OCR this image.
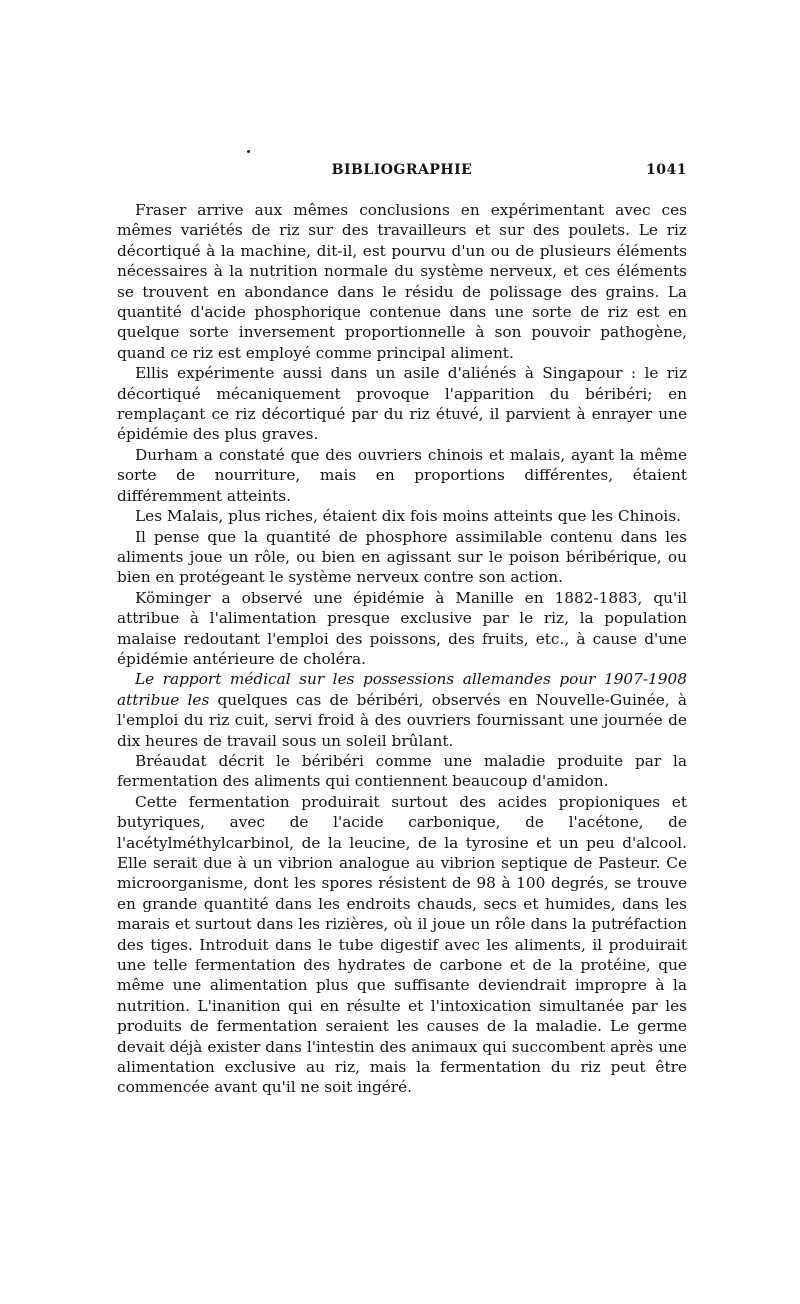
BIBLIOGRAPHIE	1041

Fraser arrive aux mêmes conclusions en expérimentant avec ces mêmes variétés de riz sur des travailleurs et sur des poulets. Le riz décortiqué à la machine, dit-il, est pourvu d'un ou de plusieurs éléments nécessaires à la nutrition normale du système nerveux, et ces éléments se trouvent en abondance dans le résidu de polissage des grains. La quantité d'acide phosphorique contenue dans une sorte de riz est en quelque sorte inversement proportionnelle à son pouvoir pathogène, quand ce riz est employé comme principal aliment.

Ellis expérimente aussi dans un asile d'aliénés à Singapour : le riz décortiqué mécaniquement provoque l'apparition du béribéri; en remplaçant ce riz décortiqué par du riz étuvé, il parvient à enrayer une épidémie des plus graves.

Durham a constaté que des ouvriers chinois et malais, ayant la même sorte de nourriture, mais en proportions différentes, étaient différemment atteints.

Les Malais, plus riches, étaient dix fois moins atteints que les Chinois.

Il pense que la quantité de phosphore assimilable contenu dans les aliments joue un rôle, ou bien en agissant sur le poison béribérique, ou bien en protégeant le système nerveux contre son action.

Köminger a observé une épidémie à Manille en 1882-1883, qu'il attribue à l'alimentation presque exclusive par le riz, la population malaise redoutant l'emploi des poissons, des fruits, etc., à cause d'une épidémie antérieure de choléra.

Le rapport médical sur les possessions allemandes pour 1907-1908 attribue les quelques cas de béribéri, observés en Nouvelle-Guinée, à l'emploi du riz cuit, servi froid à des ouvriers fournissant une journée de dix heures de travail sous un soleil brûlant.

Bréaudat décrit le béribéri comme une maladie produite par la fermentation des aliments qui contiennent beaucoup d'amidon.

Cette fermentation produirait surtout des acides propioniques et butyriques, avec de l'acide carbonique, de l'acétone, de l'acétylméthylcarbinol, de la leucine, de la tyrosine et un peu d'alcool. Elle serait due à un vibrion analogue au vibrion septique de Pasteur. Ce microorganisme, dont les spores résistent de 98 à 100 degrés, se trouve en grande quantité dans les endroits chauds, secs et humides, dans les marais et surtout dans les rizières, où il joue un rôle dans la putréfaction des tiges. Introduit dans le tube digestif avec les aliments, il produirait une telle fermentation des hydrates de carbone et de la protéine, que même une alimentation plus que suffisante deviendrait impropre à la nutrition. L'inanition qui en résulte et l'intoxication simultanée par les produits de fermentation seraient les causes de la maladie. Le germe devait déjà exister dans l'intestin des animaux qui succombent après une alimentation exclusive au riz, mais la fermentation du riz peut être commencée avant qu'il ne soit ingéré.
